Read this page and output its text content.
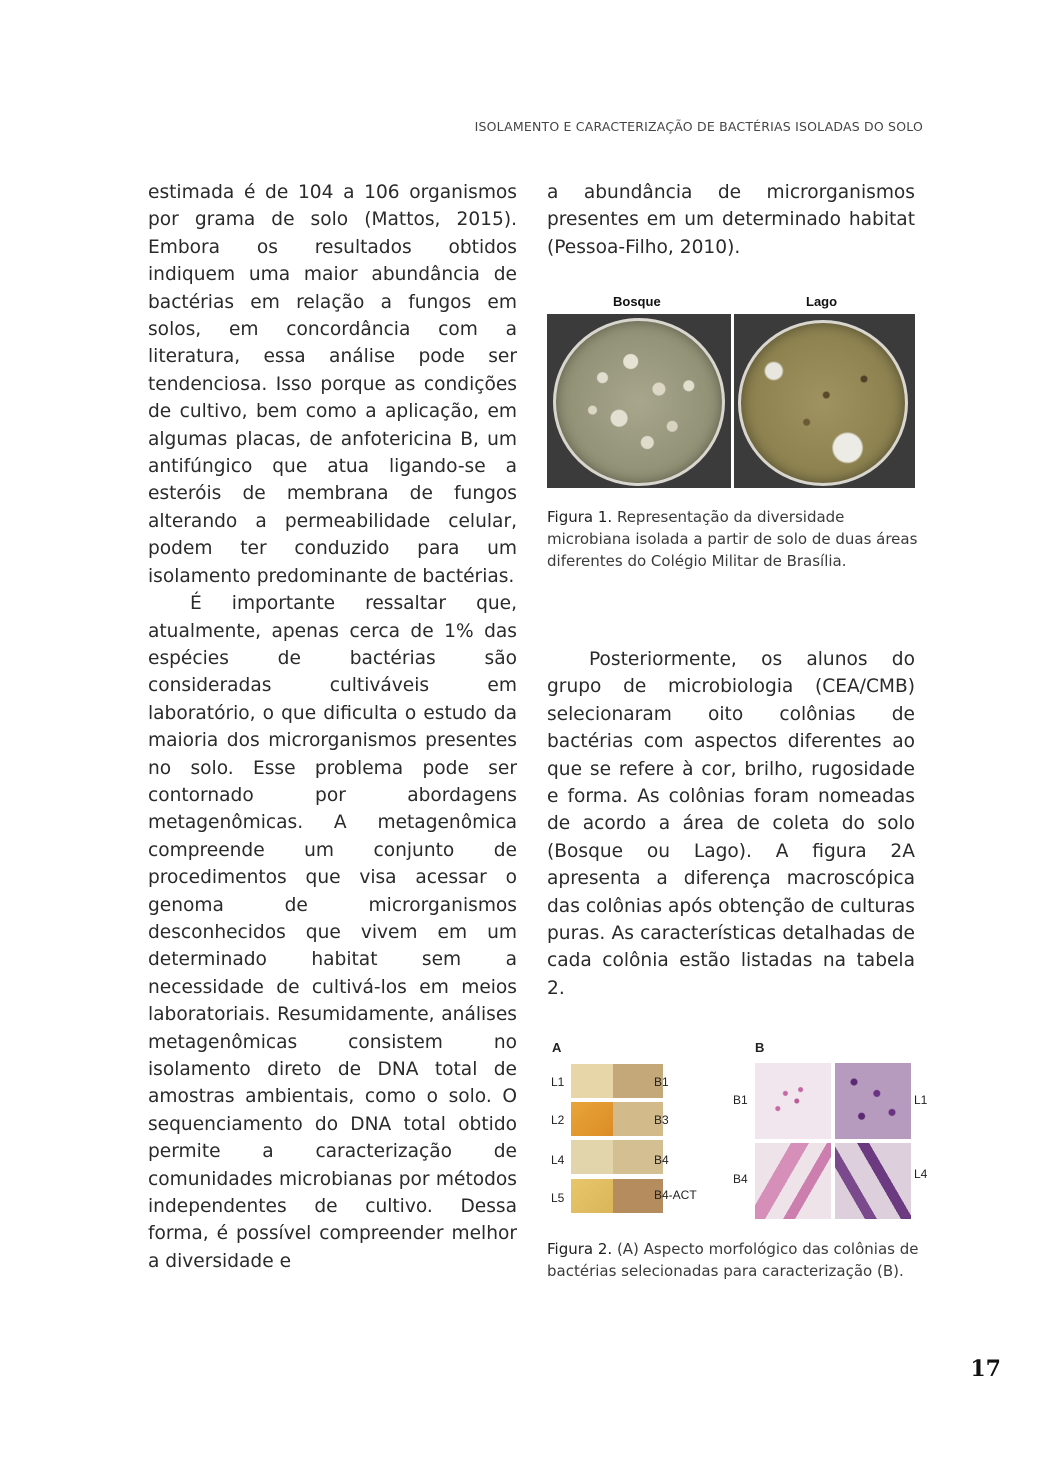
ISOLAMENTO E CARACTERIZAÇÃO DE BACTÉRIAS ISOLADAS DO SOLO

estimada é de 104 a 106 organismos por grama de solo (Mattos, 2015). Embora os resultados obtidos indiquem uma maior abundância de bactérias em relação a fungos em solos, em concordância com a literatura, essa análise pode ser tendenciosa. Isso porque as condições de cultivo, bem como a aplicação, em algumas placas, de anfotericina B, um antifúngico que atua ligando-se a esteróis de membrana de fungos alterando a permeabilidade celular, podem ter conduzido para um isolamento predominante de bactérias.

É importante ressaltar que, atualmente, apenas cerca de 1% das espécies de bactérias são consideradas cultiváveis em laboratório, o que dificulta o estudo da maioria dos microrganismos presentes no solo. Esse problema pode ser contornado por abordagens metagenômicas. A metagenômica compreende um conjunto de procedimentos que visa acessar o genoma de microrganismos desconhecidos que vivem em um determinado habitat sem a necessidade de cultivá-los em meios laboratoriais. Resumidamente, análises metagenômicas consistem no isolamento direto de DNA total de amostras ambientais, como o solo. O sequenciamento do DNA total obtido permite a caracterização de comunidades microbianas por métodos independentes de cultivo. Dessa forma, é possível compreender melhor a diversidade e

a abundância de microrganismos presentes em um determinado habitat (Pessoa-Filho, 2010).

Bosque	Lago
Figura 1. Representação da diversidade microbiana isolada a partir de solo de duas áreas diferentes do Colégio Militar de Brasília.

Posteriormente, os alunos do grupo de microbiologia (CEA/CMB) selecionaram oito colônias de bactérias com aspectos diferentes ao que se refere à cor, brilho, rugosidade e forma. As colônias foram nomeadas de acordo a área de coleta do solo (Bosque ou Lago). A figura 2A apresenta a diferença macroscópica das colônias após obtenção de culturas puras. As características detalhadas de cada colônia estão listadas na tabela 2.

A	B
L1
L2
L4
L5
B1
B3
B4
B4-ACT
B1	L1
B4	L4
Figura 2. (A) Aspecto morfológico das colônias de bactérias selecionadas para caracterização (B).
17
